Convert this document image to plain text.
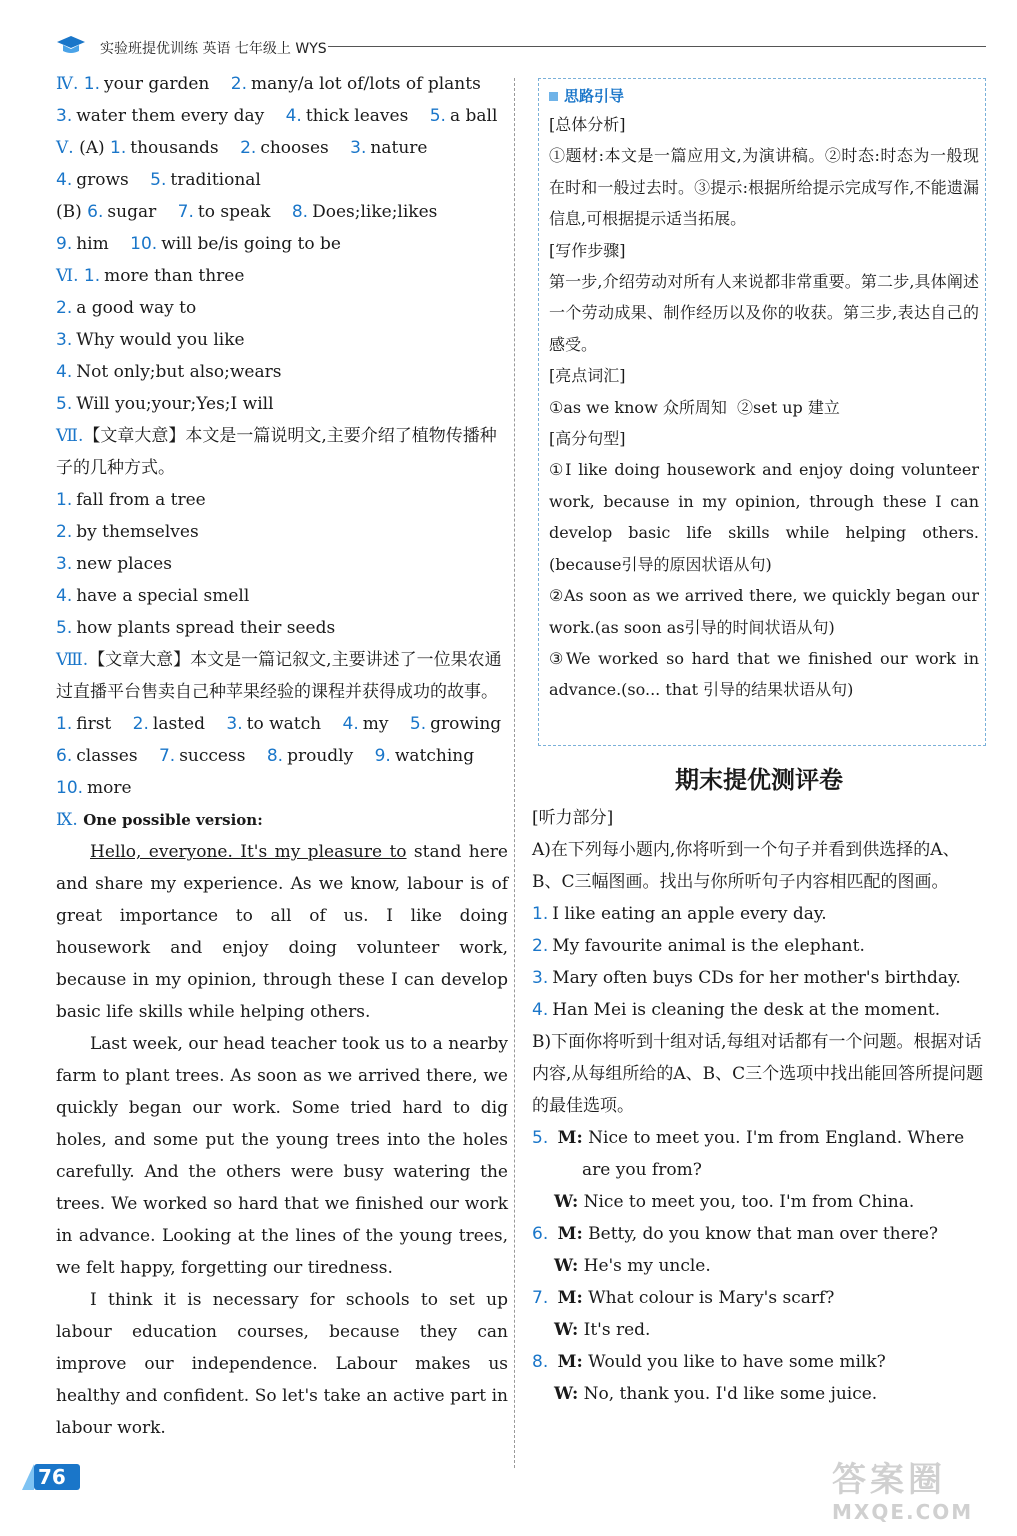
实验班提优训练 英语 七年级上 WYS
Ⅳ. 1. your garden 2. many/a lot of/lots of plants
3. water them every day 4. thick leaves 5. a ball
Ⅴ. (A) 1. thousands 2. chooses 3. nature
4. grows 5. traditional
(B) 6. sugar 7. to speak 8. Does;like;likes
9. him 10. will be/is going to be
Ⅵ. 1. more than three
2. a good way to
3. Why would you like
4. Not only;but also;wears
5. Will you;your;Yes;I will
Ⅶ.【文章大意】本文是一篇说明文,主要介绍了植物传播种子的几种方式。
1. fall from a tree
2. by themselves
3. new places
4. have a special smell
5. how plants spread their seeds
Ⅷ.【文章大意】本文是一篇记叙文,主要讲述了一位果农通过直播平台售卖自己种苹果经验的课程并获得成功的故事。
1. first 2. lasted 3. to watch 4. my 5. growing
6. classes 7. success 8. proudly 9. watching
10. more
Ⅸ. One possible version:
Hello, everyone. It's my pleasure to stand here and share my experience. As we know, labour is of great importance to all of us. I like doing housework and enjoy doing volunteer work, because in my opinion, through these I can develop basic life skills while helping others.
Last week, our head teacher took us to a nearby farm to plant trees. As soon as we arrived there, we quickly began our work. Some tried hard to dig holes, and some put the young trees into the holes carefully. And the others were busy watering the trees. We worked so hard that we finished our work in advance. Looking at the lines of the young trees, we felt happy, forgetting our tiredness.
I think it is necessary for schools to set up labour education courses, because they can improve our independence. Labour makes us healthy and confident. So let's take an active part in labour work.
思路引导
[总体分析]
①题材:本文是一篇应用文,为演讲稿。②时态:时态为一般现在时和一般过去时。③提示:根据所给提示完成写作,不能遗漏信息,可根据提示适当拓展。
[写作步骤]
第一步,介绍劳动对所有人来说都非常重要。第二步,具体阐述一个劳动成果、制作经历以及你的收获。第三步,表达自己的感受。
[亮点词汇]
①as we know 众所周知  ②set up 建立
[高分句型]
①I like doing housework and enjoy doing volunteer work, because in my opinion, through these I can develop basic life skills while helping others.(because引导的原因状语从句)
②As soon as we arrived there, we quickly began our work.(as soon as引导的时间状语从句)
③We worked so hard that we finished our work in advance.(so... that 引导的结果状语从句)
期末提优测评卷
[听力部分]
A)在下列每小题内,你将听到一个句子并看到供选择的A、B、C三幅图画。找出与你所听句子内容相匹配的图画。
1. I like eating an apple every day.
2. My favourite animal is the elephant.
3. Mary often buys CDs for her mother's birthday.
4. Han Mei is cleaning the desk at the moment.
B)下面你将听到十组对话,每组对话都有一个问题。根据对话内容,从每组所给的A、B、C三个选项中找出能回答所提问题的最佳选项。
5. M: Nice to meet you. I'm from England. Where are you from?
W: Nice to meet you, too. I'm from China.
6. M: Betty, do you know that man over there?
W: He's my uncle.
7. M: What colour is Mary's scarf?
W: It's red.
8. M: Would you like to have some milk?
W: No, thank you. I'd like some juice.
76	答案圈
MXQE.COM
